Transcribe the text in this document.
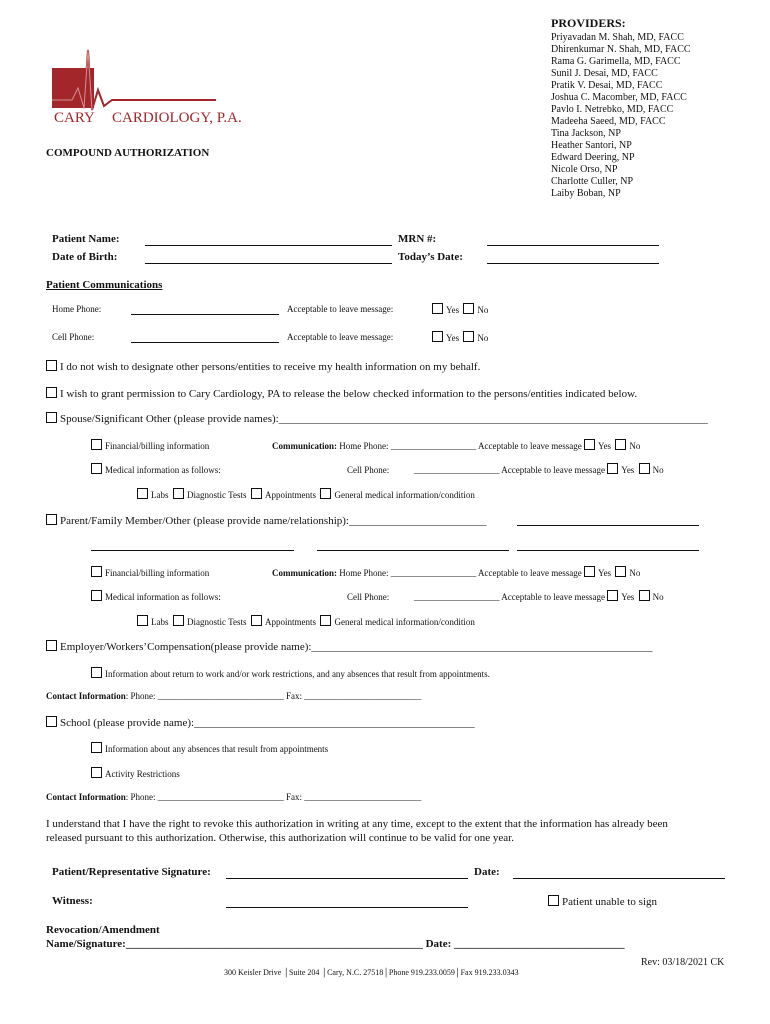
CARY CARDIOLOGY, P.A.
COMPOUND AUTHORIZATION
PROVIDERS:
Priyavadan M. Shah, MD, FACC
Dhirenkumar N. Shah, MD, FACC
Rama G. Garimella, MD, FACC
Sunil J. Desai, MD, FACC
Pratik V. Desai, MD, FACC
Joshua C. Macomber, MD, FACC
Pavlo I. Netrebko, MD, FACC
Madeeha Saeed, MD, FACC
Tina Jackson, NP
Heather Santori, NP
Edward Deering, NP
Nicole Orso, NP
Charlotte Culler, NP
Laiby Boban, NP
Patient Name:	MRN #:
Date of Birth:	Today’s Date:
Patient Communications
Home Phone:	Acceptable to leave message:	Yes No
Cell Phone:	Acceptable to leave message:	Yes No
I do not wish to designate other persons/entities to receive my health information on my behalf.
I wish to grant permission to Cary Cardiology, PA to release the below checked information to the persons/entities indicated below.
Spouse/Significant Other (please provide names):______________________________________________________________________________
Financial/billing information	Communication: Home Phone: ___________________ Acceptable to leave message Yes No
Medical information as follows:	Cell Phone:	___________________ Acceptable to leave message Yes No
Labs Diagnostic Tests Appointments General medical information/condition
Parent/Family Member/Other (please provide name/relationship):_________________________
Financial/billing information	Communication: Home Phone: ___________________ Acceptable to leave message Yes No
Medical information as follows:	Cell Phone:	___________________ Acceptable to leave message Yes No
Labs Diagnostic Tests Appointments General medical information/condition
Employer/Workers’Compensation(please provide name):______________________________________________________________
Information about return to work and/or work restrictions, and any absences that result from appointments.
Contact Information: Phone: ____________________________ Fax: __________________________
School (please provide name):___________________________________________________
Information about any absences that result from appointments
Activity Restrictions
Contact Information: Phone: ____________________________ Fax: __________________________
I understand that I have the right to revoke this authorization in writing at any time, except to the extent that the information has already been
released pursuant to this authorization. Otherwise, this authorization will continue to be valid for one year.
Patient/Representative Signature:	Date:
Witness:	Patient unable to sign
Revocation/Amendment
Name/Signature:______________________________________________________ Date: _______________________________
Rev: 03/18/2021 CK
300 Keisler Drive │Suite 204 │Cary, N.C. 27518│Phone 919.233.0059│Fax 919.233.0343
